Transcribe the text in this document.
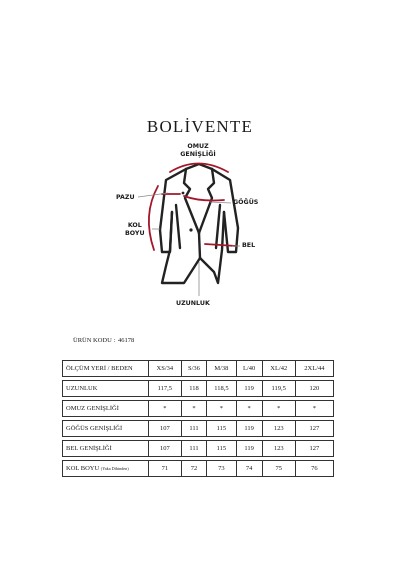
BOLİVENTE
OMUZ
GENİŞLİĞİ
PAZU
GÖĞÜS
KOL
BOYU
BEL
UZUNLUK
ÜRÜN KODU : 46178
ÖLÇÜM YERİ / BEDEN	XS/34	S/36	M/38	L/40	XL/42	2XL/44

UZUNLUK	117,5	118	118,5	119	119,5	120

OMUZ GENİŞLİĞİ	*	*	*	*	*	*

GÖĞÜS GENİŞLİĞİ	107	111	115	119	123	127

BEL GENİŞLİĞİ	107	111	115	119	123	127

KOL BOYU (Yaka Dibinden)	71	72	73	74	75	76
